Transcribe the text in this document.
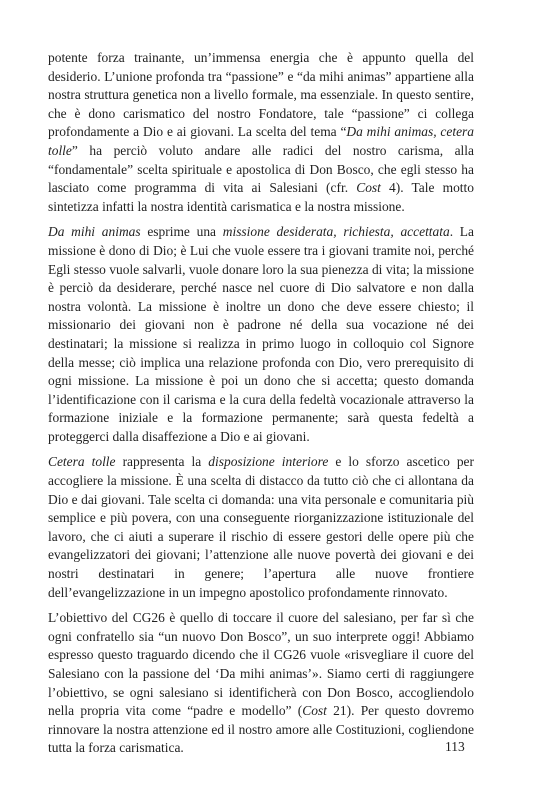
potente forza trainante, un’immensa energia che è appunto quella del desiderio. L’unione profonda tra “passione” e “da mihi animas” appartiene alla nostra struttura genetica non a livello formale, ma essenziale. In questo sentire, che è dono carismatico del nostro Fondatore, tale “passione” ci collega profondamente a Dio e ai giovani. La scelta del tema “Da mihi animas, cetera tolle” ha perciò voluto andare alle radici del nostro carisma, alla “fondamentale” scelta spirituale e apostolica di Don Bosco, che egli stesso ha lasciato come programma di vita ai Salesiani (cfr. Cost 4). Tale motto sintetizza infatti la nostra identità carismatica e la nostra missione.

Da mihi animas esprime una missione desiderata, richiesta, accettata. La missione è dono di Dio; è Lui che vuole essere tra i giovani tramite noi, perché Egli stesso vuole salvarli, vuole donare loro la sua pienezza di vita; la missione è perciò da desiderare, perché nasce nel cuore di Dio salvatore e non dalla nostra volontà. La missione è inoltre un dono che deve essere chiesto; il missionario dei giovani non è padrone né della sua vocazione né dei destinatari; la missione si realizza in primo luogo in colloquio col Signore della messe; ciò implica una relazione profonda con Dio, vero prerequisito di ogni missione. La missione è poi un dono che si accetta; questo domanda l’identificazione con il carisma e la cura della fedeltà vocazionale attraverso la formazione iniziale e la formazione permanente; sarà questa fedeltà a proteggerci dalla disaffezione a Dio e ai giovani.

Cetera tolle rappresenta la disposizione interiore e lo sforzo ascetico per accogliere la missione. È una scelta di distacco da tutto ciò che ci allontana da Dio e dai giovani. Tale scelta ci domanda: una vita personale e comunitaria più semplice e più povera, con una conseguente riorganizzazione istituzionale del lavoro, che ci aiuti a superare il rischio di essere gestori delle opere più che evangelizzatori dei giovani; l’attenzione alle nuove povertà dei giovani e dei nostri destinatari in genere; l’apertura alle nuove frontiere dell’evangelizzazione in un impegno apostolico profondamente rinnovato.

L’obiettivo del CG26 è quello di toccare il cuore del salesiano, per far sì che ogni confratello sia “un nuovo Don Bosco”, un suo interprete oggi! Abbiamo espresso questo traguardo dicendo che il CG26 vuole «risvegliare il cuore del Salesiano con la passione del ‘Da mihi animas’». Siamo certi di raggiungere l’obiettivo, se ogni salesiano si identificherà con Don Bosco, accogliendolo nella propria vita come “padre e modello” (Cost 21). Per questo dovremo rinnovare la nostra attenzione ed il nostro amore alle Costituzioni, cogliendone tutta la forza carismatica.	113
